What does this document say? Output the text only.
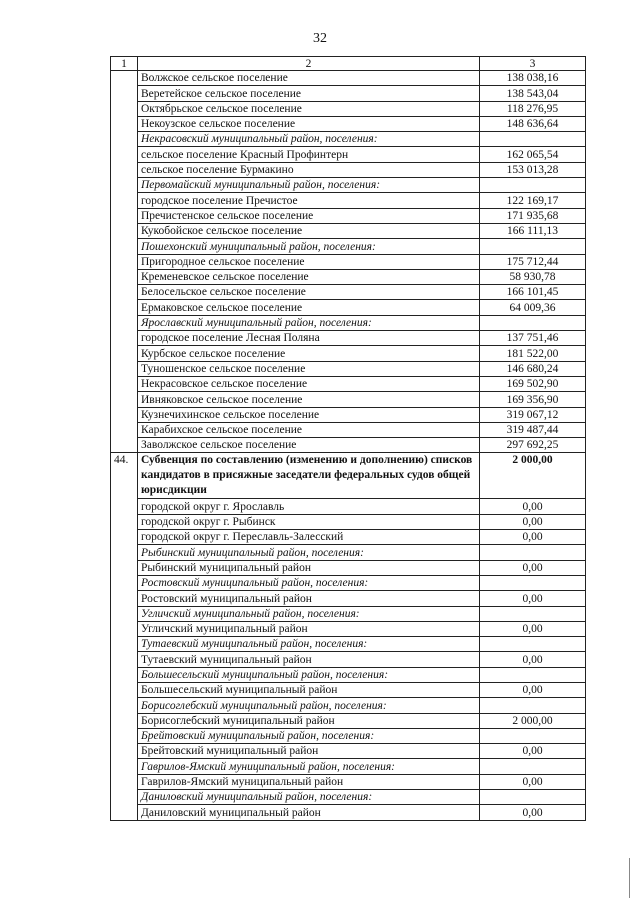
32
1	2	3
	Волжское сельское поселение	138 038,16
	Веретейское сельское поселение	138 543,04
	Октябрьское сельское поселение	118 276,95
	Некоузское сельское поселение	148 636,64
	Некрасовский муниципальный район, поселения:	
	сельское поселение Красный Профинтерн	162 065,54
	сельское поселение Бурмакино	153 013,28
	Первомайский муниципальный район, поселения:	
	городское поселение Пречистое	122 169,17
	Пречистенское сельское поселение	171 935,68
	Кукобойское сельское поселение	166 111,13
	Пошехонский муниципальный район, поселения:	
	Пригородное сельское поселение	175 712,44
	Кременевское сельское поселение	58 930,78
	Белосельское сельское поселение	166 101,45
	Ермаковское сельское поселение	64 009,36
	Ярославский муниципальный район, поселения:	
	городское поселение Лесная Поляна	137 751,46
	Курбское сельское поселение	181 522,00
	Туношенское сельское поселение	146 680,24
	Некрасовское сельское поселение	169 502,90
	Ивняковское сельское поселение	169 356,90
	Кузнечихинское сельское поселение	319 067,12
	Карабихское сельское поселение	319 487,44
	Заволжское сельское поселение	297 692,25
44.	Субвенция по составлению (изменению и дополнению) списков кандидатов в присяжные заседатели федеральных судов общей юрисдикции	2 000,00
	городской округ г. Ярославль	0,00
	городской округ г. Рыбинск	0,00
	городской округ г. Переславль-Залесский	0,00
	Рыбинский муниципальный район, поселения:	
	Рыбинский муниципальный район	0,00
	Ростовский муниципальный район, поселения:	
	Ростовский муниципальный район	0,00
	Угличский муниципальный район, поселения:	
	Угличский муниципальный район	0,00
	Тутаевский муниципальный район, поселения:	
	Тутаевский муниципальный район	0,00
	Большесельский муниципальный район, поселения:	
	Большесельский муниципальный район	0,00
	Борисоглебский муниципальный район, поселения:	
	Борисоглебский муниципальный район	2 000,00
	Брейтовский муниципальный район, поселения:	
	Брейтовский муниципальный район	0,00
	Гаврилов-Ямский муниципальный район, поселения:	
	Гаврилов-Ямский муниципальный район	0,00
	Даниловский муниципальный район, поселения:	
	Даниловский муниципальный район	0,00
